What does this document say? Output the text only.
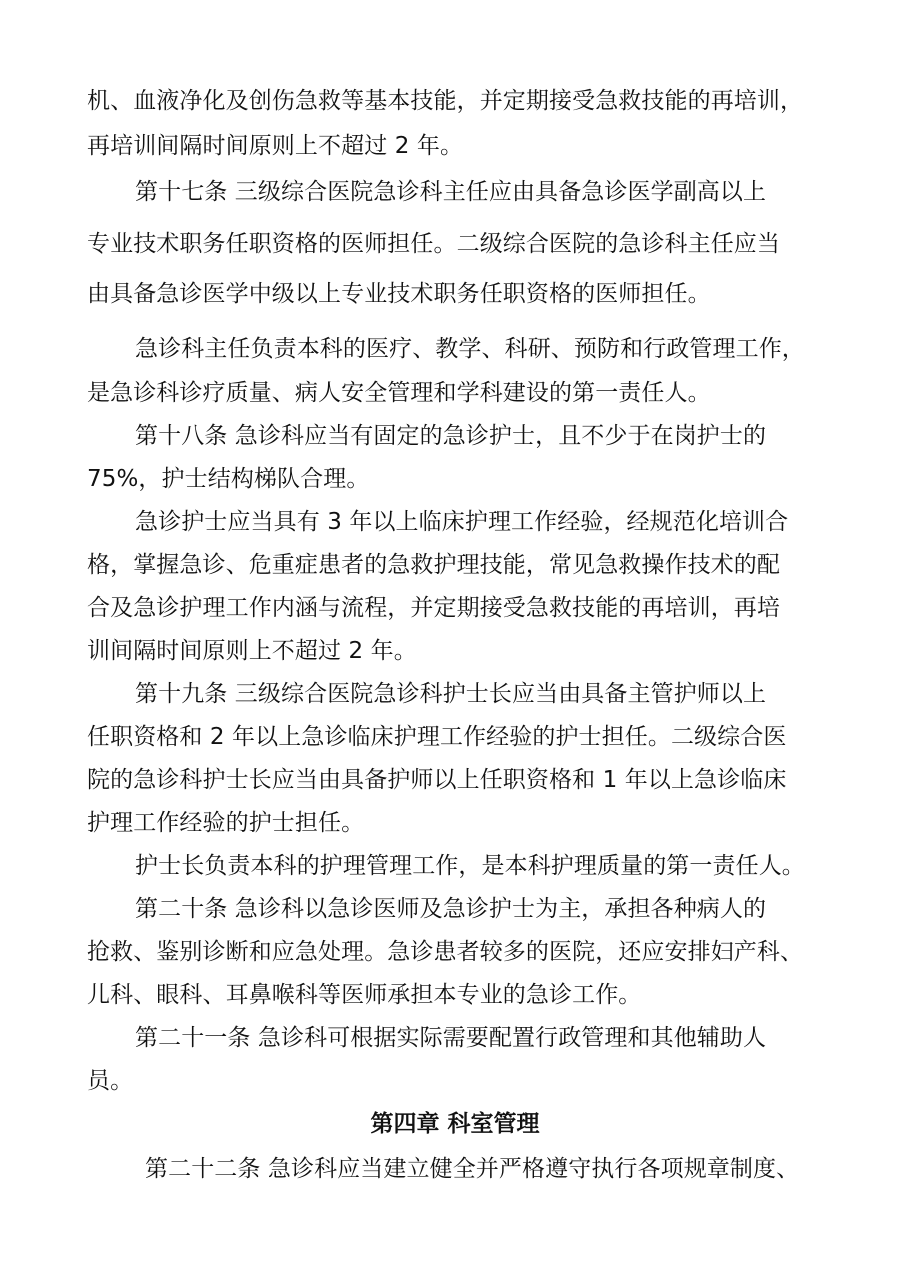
机、血液净化及创伤急救等基本技能，并定期接受急救技能的再培训，

再培训间隔时间原则上不超过 2 年。

第十七条 三级综合医院急诊科主任应由具备急诊医学副高以上

专业技术职务任职资格的医师担任。二级综合医院的急诊科主任应当

由具备急诊医学中级以上专业技术职务任职资格的医师担任。

急诊科主任负责本科的医疗、教学、科研、预防和行政管理工作，

是急诊科诊疗质量、病人安全管理和学科建设的第一责任人。

第十八条 急诊科应当有固定的急诊护士，且不少于在岗护士的

75%，护士结构梯队合理。

急诊护士应当具有 3 年以上临床护理工作经验，经规范化培训合

格，掌握急诊、危重症患者的急救护理技能，常见急救操作技术的配

合及急诊护理工作内涵与流程，并定期接受急救技能的再培训，再培

训间隔时间原则上不超过 2 年。

第十九条 三级综合医院急诊科护士长应当由具备主管护师以上

任职资格和 2 年以上急诊临床护理工作经验的护士担任。二级综合医

院的急诊科护士长应当由具备护师以上任职资格和 1 年以上急诊临床

护理工作经验的护士担任。

护士长负责本科的护理管理工作，是本科护理质量的第一责任人。

第二十条 急诊科以急诊医师及急诊护士为主，承担各种病人的

抢救、鉴别诊断和应急处理。急诊患者较多的医院，还应安排妇产科、

儿科、眼科、耳鼻喉科等医师承担本专业的急诊工作。

第二十一条 急诊科可根据实际需要配置行政管理和其他辅助人

员。

第四章 科室管理

第二十二条 急诊科应当建立健全并严格遵守执行各项规章制度、
